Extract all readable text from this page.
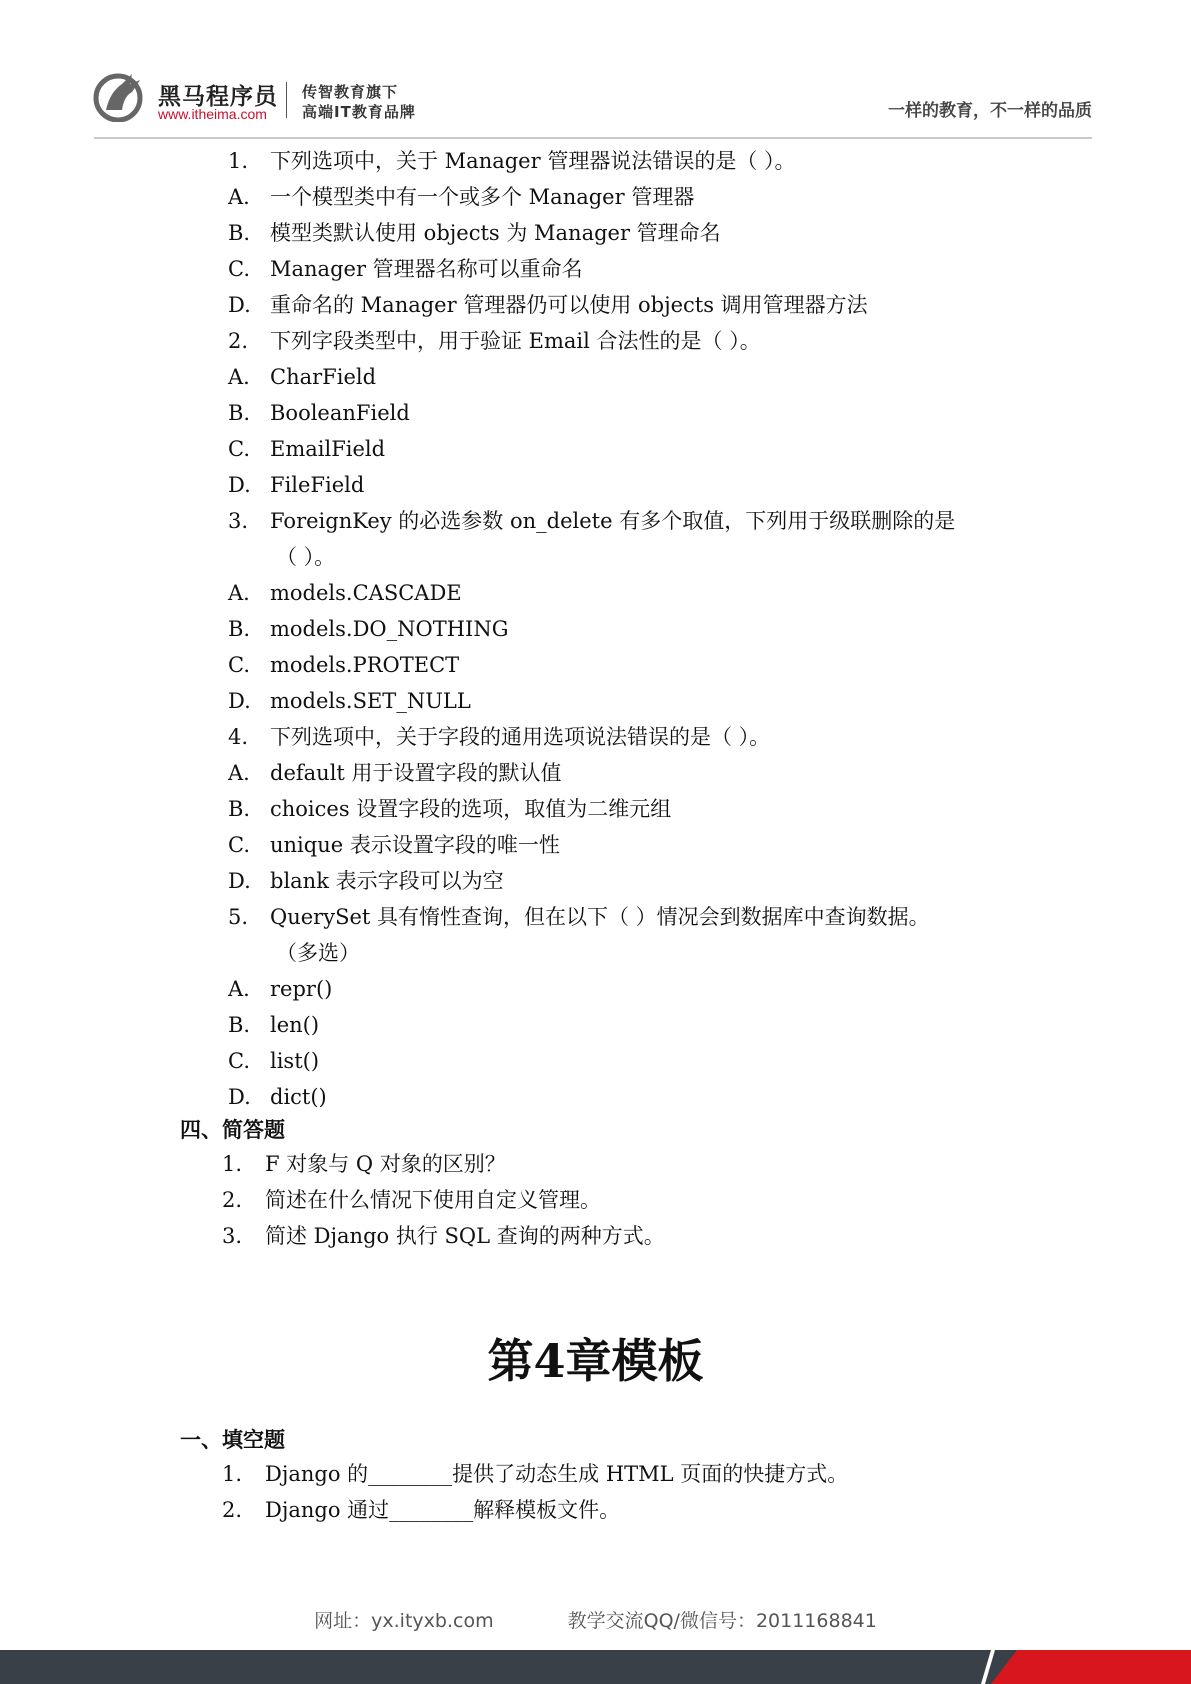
黑马程序员
www.itheima.com
传智教育旗下
高端IT教育品牌	一样的教育，不一样的品质
1.	下列选项中，关于 Manager 管理器说法错误的是（ ）。
A. 一个模型类中有一个或多个 Manager 管理器
B. 模型类默认使用 objects 为 Manager 管理命名
C. Manager 管理器名称可以重命名
D. 重命名的 Manager 管理器仍可以使用 objects 调用管理器方法
2.	下列字段类型中，用于验证 Email 合法性的是（ ）。
A. CharField
B. BooleanField
C. EmailField
D. FileField
3.	ForeignKey 的必选参数 on_delete 有多个取值，下列用于级联删除的是
（ ）。
A. models.CASCADE
B. models.DO_NOTHING
C. models.PROTECT
D. models.SET_NULL
4.	下列选项中，关于字段的通用选项说法错误的是（ ）。
A. default 用于设置字段的默认值
B. choices 设置字段的选项，取值为二维元组
C. unique 表示设置字段的唯一性
D. blank 表示字段可以为空
5.	QuerySet 具有惰性查询，但在以下（ ）情况会到数据库中查询数据。
（多选）
A. repr()
B. len()
C. list()
D. dict()
四、简答题
1.	F 对象与 Q 对象的区别？
2.	简述在什么情况下使用自定义管理。
3.	简述 Django 执行 SQL 查询的两种方式。
第4章模板
一、填空题
1.	Django 的________提供了动态生成 HTML 页面的快捷方式。
2.	Django 通过________解释模板文件。
网址：yx.ityxb.com	教学交流QQ/微信号：2011168841
